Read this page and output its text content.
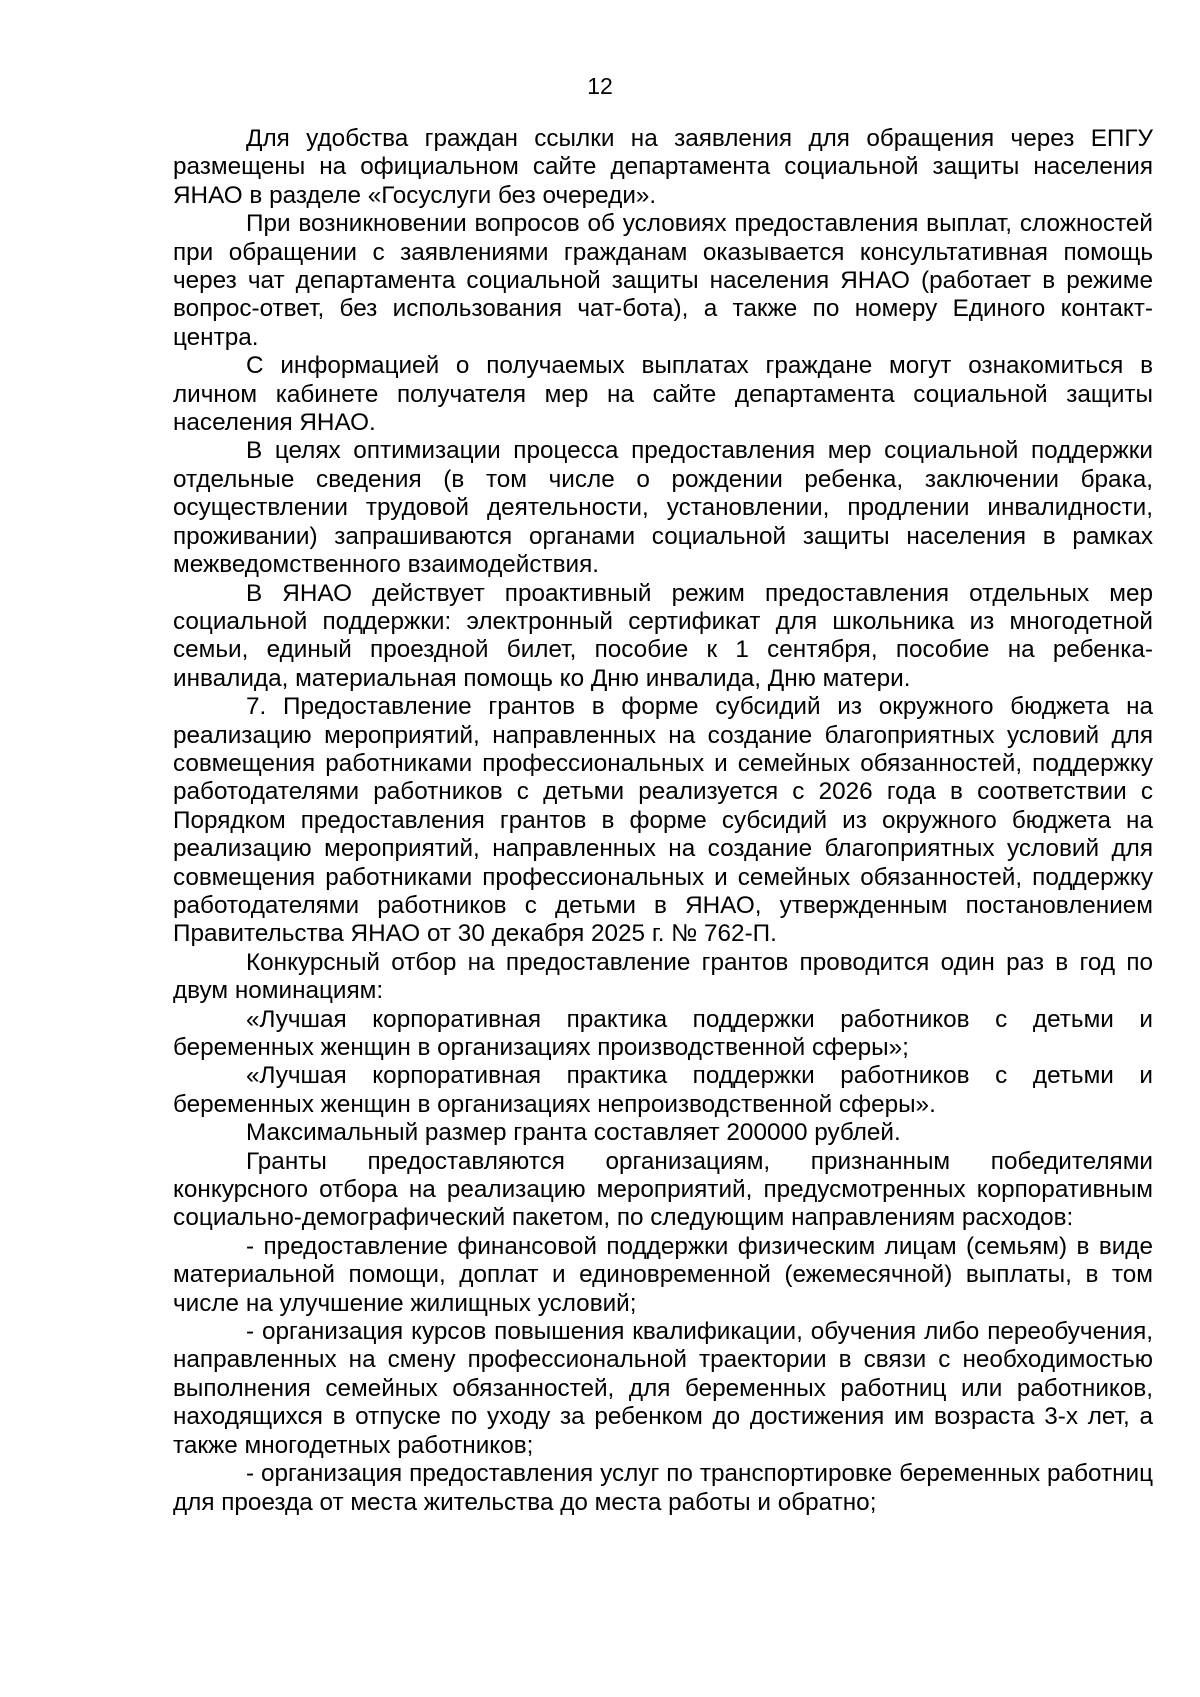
12

Для удобства граждан ссылки на заявления для обращения через ЕПГУ размещены на официальном сайте департамента социальной защиты населения ЯНАО в разделе «Госуслуги без очереди».

При возникновении вопросов об условиях предоставления выплат, сложностей при обращении с заявлениями гражданам оказывается консультативная помощь через чат департамента социальной защиты населения ЯНАО (работает в режиме вопрос-ответ, без использования чат-бота), а также по номеру Единого контакт-центра.

С информацией о получаемых выплатах граждане могут ознакомиться в личном кабинете получателя мер на сайте департамента социальной защиты населения ЯНАО.

В целях оптимизации процесса предоставления мер социальной поддержки отдельные сведения (в том числе о рождении ребенка, заключении брака, осуществлении трудовой деятельности, установлении, продлении инвалидности, проживании) запрашиваются органами социальной защиты населения в рамках межведомственного взаимодействия.

В ЯНАО действует проактивный режим предоставления отдельных мер социальной поддержки: электронный сертификат для школьника из многодетной семьи, единый проездной билет, пособие к 1 сентября, пособие на ребенка-инвалида, материальная помощь ко Дню инвалида, Дню матери.

7. Предоставление грантов в форме субсидий из окружного бюджета на реализацию мероприятий, направленных на создание благоприятных условий для совмещения работниками профессиональных и семейных обязанностей, поддержку работодателями работников с детьми реализуется с 2026 года в соответствии с Порядком предоставления грантов в форме субсидий из окружного бюджета на реализацию мероприятий, направленных на создание благоприятных условий для совмещения работниками профессиональных и семейных обязанностей, поддержку работодателями работников с детьми в ЯНАО, утвержденным постановлением Правительства ЯНАО от 30 декабря 2025 г. № 762-П.

Конкурсный отбор на предоставление грантов проводится один раз в год по двум номинациям:

«Лучшая корпоративная практика поддержки работников с детьми и беременных женщин в организациях производственной сферы»;

«Лучшая корпоративная практика поддержки работников с детьми и беременных женщин в организациях непроизводственной сферы».

Максимальный размер гранта составляет 200000 рублей.

Гранты предоставляются организациям, признанным победителями конкурсного отбора на реализацию мероприятий, предусмотренных корпоративным социально-демографический пакетом, по следующим направлениям расходов:

- предоставление финансовой поддержки физическим лицам (семьям) в виде материальной помощи, доплат и единовременной (ежемесячной) выплаты, в том числе на улучшение жилищных условий;

- организация курсов повышения квалификации, обучения либо переобучения, направленных на смену профессиональной траектории в связи с необходимостью выполнения семейных обязанностей, для беременных работниц или работников, находящихся в отпуске по уходу за ребенком до достижения им возраста 3-х лет, а также многодетных работников;

- организация предоставления услуг по транспортировке беременных работниц для проезда от места жительства до места работы и обратно;
